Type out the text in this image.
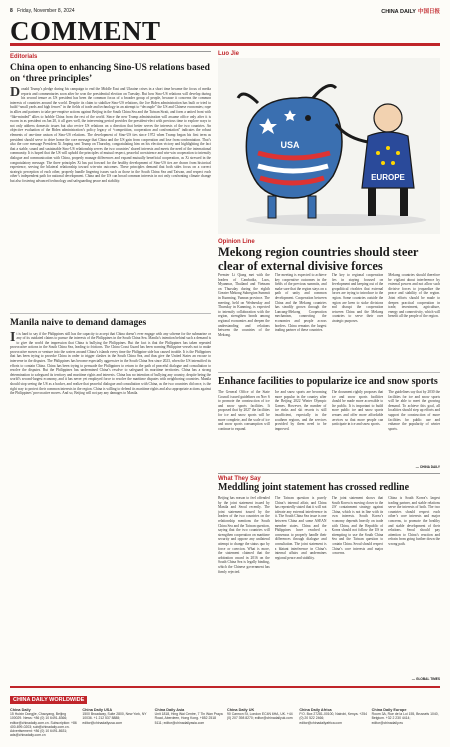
8 Friday, November 8, 2024	CHINA DAILY 中国日报
COMMENT
Editorials
China open to enhancing Sino-US relations based on ‘three principles’
Donald Trump’s pledge during his campaign to end the Middle East and Ukraine crises in a short time became the focus of media reports and commentaries soon after he won the presidential election on Tuesday. But how Sino-US relations will develop during his second tenure as US president has been the common focus of a broader group of people, because it concerns the common interests of countries around the world. Despite its claim to stabilize Sino-US relations, the Joe Biden administration has built or tried to build “small yards and high fences” in the fields of trade and technology in an attempt to “decouple” the US and Chinese economies; rope in allies and partners to take pre-emptive actions against Beijing in the South China Sea and the Taiwan Strait, and form a united front with “like-minded” allies to hobble China from the rest of the world. Since the new Trump administration will assume office only after it is sworn in as president on Jan 20, it all goes well, the intervening period provides the president-elect with precious time to explore ways to not only address domestic issues but also revive US relations on a direction that better serves the interests of the two countries. An objective evaluation of the Biden administration’s policy legacy of “competition, cooperation and confrontation” indicates the robust elements of one-time unison of Sino-US relations. The development of Sino-US ties since 1972 when Trump began his first term as president should serve to drive home the core message that China and the US gain from cooperation and lose from confrontation. That’s also the core message President Xi Jinping sent Trump on Thursday, congratulating him on his election victory and highlighting the fact that a stable, sound and sustainable Sino-US relationship serves the two countries’ shared interests and meets the need of the international community. It is hoped that the US will uphold the principles of mutual respect, peaceful coexistence and win-win cooperation to intensify dialogue and communication with China, properly manage differences and expand mutually beneficial cooperation, as Xi stressed in the congratulatory message. The three principles Xi has put forward for the healthy development of Sino-US ties are drawn from historical experience, serving the bilateral relationship toward win-win outcomes. These principles demand that both sides focus on a correct strategic perception of each other, properly handle lingering issues such as those in the South China Sea and Taiwan, and respect each other’s independent path for national development. China and the US can broad common interests in not only confronting climate change but also fostering advanced technology and safeguarding peace and stability.
Manila naive to demand damages
It is hard to say if the Philippines still has the capacity to accept that China doesn’t ever engage with any scheme for the submarine or any of its outdated claims to pursue the interests of the Philippines in the South China Sea. Manila’s intention behind such a demand is to give the world the impression that China is bullying the Philippines. But the fact is that the Philippines has taken repeated provocative actions in the South China Sea, leading to frictions. The China Coast Guard has been warning Philippine vessels not to make provocative moves or venture into the waters around China’s islands every time the Philippine side has caused trouble. It is the Philippines that has been trying to provoke China in order to trigger clashes in the South China Sea, and thus give the United States an excuse to intervene in the disputes. The Philippines has become especially aggressive in the South China Sea since 2023, when the US intensified its efforts to contain China. China has been trying to persuade the Philippines to return to the path of peaceful dialogue and consultation to resolve the disputes. But the Philippines has undermined China’s resolve to safeguard its maritime territories. China has a strong determination to safeguard its territory and maritime rights and interests. China has no intention of bullying any country, despite being the world’s second-largest economy, and it has never yet employed force to resolve the maritime disputes with neighboring countries. Manila should stop seeing the US as a backer, and realize that peaceful dialogue and consultation with China, as the two countries did once, is the right way to protect their common interests in the region. China is willing to defend its maritime rights and also appropriate actions against the Philippines’ provocative moves. And so, Beijing will not pay any damages to Manila.
Luo Jie
USA
EUROPE
Opinion Line
Mekong region countries should steer clear of external divisive forces
Premier Li Qiang met with the leaders of Cambodia, Laos, Myanmar, Thailand and Vietnam on Thursday during the eighth Greater Mekong Subregion Summit in Kunming, Yunnan province. The meeting, held on Wednesday and Thursday in Kunming, is expected to intensify collaboration with the region, strengthen bonds among regional economies and deepen the understanding and relations between the countries of the Mekong.
The meeting is expected to achieve key cooperative outcomes in the fields of the previous summits, and make sure that the region stays on a path of unity and common development. Cooperation between China and the Mekong countries has steadily grown through the Lancang-Mekong Cooperation mechanism, connecting the economies and people across borders. China remains the largest trading partner of these countries.
The key to regional cooperation lies in staying focused on development and keeping out of the geopolitical rivalries that external forces are trying to introduce to the region. Some countries outside the region are keen to stoke divisions and disrupt the cooperation between China and the Mekong countries to serve their own strategic purposes.
Mekong countries should therefore be vigilant about interference by external powers and not allow such divisive forces to jeopardize the peace and stability of the region. Joint efforts should be made to deepen practical cooperation in trade, investment, agriculture, energy and connectivity, which will benefit all the people of the region.
Enhance facilities to popularize ice and snow sports
The General Office of the State Council issued guidelines on Nov 6 to promote the construction of ice and snow sports facilities. It proposed that by 2027 the facilities for ice and snow sports will be more complete, and the scale of ice and snow sports consumption will continue to expand.
Ice and snow sports are becoming more popular in the country after the Beijing 2022 Winter Olympic Games. However, the number of ice rinks and ski resorts is still insufficient, especially in the southern regions, and the services provided by them need to be improved.
The document rightly proposes that ice and snow sports facilities should be made more accessible to the public. It is important to build more public ice and snow sports venues and offer more affordable services so that more people can participate in ice and snow sports.
The guidelines say that by 2030 the facilities for ice and snow sports will be able to meet the growing demand. To achieve this goal, all localities should step up efforts and support the construction of more facilities for public use and enhance the popularity of winter sports.
— CHINA DAILY
What They Say
Meddling joint statement has crossed redline
Beijing has reason to feel offended by the joint statement issued by Manila and Seoul recently. The joint statement issued by the leaders of the two countries on the relationship mentions the South China Sea and the Taiwan question, saying that the two countries will strengthen cooperation on maritime security and oppose any unilateral attempt to change the status quo by force or coercion. What is more, the statement claimed that the arbitration award in 2016 on the South China Sea is legally binding, which the Chinese government has firmly rejected.
The Taiwan question is purely China’s internal affair, and China has repeatedly stated that it will not tolerate any external interference in it. The South China Sea issue is one between China and some ASEAN member states. China and the Philippines have reached a consensus to properly handle their differences through dialogue and consultation. The joint statement is a blatant interference in China’s internal affairs and undermines regional peace and stability.
The joint statement shows that South Korea is moving closer to the US’ containment strategy against China, which is not in line with its own interests. South Korea’s economy depends heavily on trade with China, and the Republic of Korea should not follow the US in attempting to use the South China Sea and the Taiwan question to contain China. Seoul should respect China’s core interests and major concerns.
China is South Korea’s largest trading partner, and stable relations serve the interests of both. The two countries should respect each other’s core interests and major concerns, to promote the healthy and stable development of their relations. Seoul should pay attention to China’s reaction and refrain from going further down the wrong path.
— GLOBAL TIMES
CHINA DAILY WORLDWIDE
China Daily
15 Huixin Dongjie, Chaoyang, Beijing 100029. News: +86 (0) 10 6491-8366; editor@chinadaily.com.cn. Subscription: +86 400-699-0203; sub@chinadaily.com.cn. Advertisement: +86 (0) 10 6491-8631; ads@chinadaily.com.cn
China Daily USA
1500 Broadway, Suite 2800, New York, NY 10036. +1 212 537 8888; editor@chinadailyusa.com
China Daily Asia
Unit 1818, Hing Wai Centre, 7 Tin Wan Praya Road, Aberdeen, Hong Kong. +852 2518 5111; editor@chinadailyasia.com
China Daily UK
90 Cannon St, London EC4N 6HA, UK. +44 (0) 207 398 8270; editor@chinadailyuk.com
China Daily Africa
P.O. Box 27281-00100, Nairobi, Kenya. +254 (0) 20 522 2466; editor@chinadailyafrica.com
China Daily Europe
Room 3A, Rue de la Loi 155, Brussels 1040, Belgium. +32 2 230 4414; editor@chinadaily.eu
